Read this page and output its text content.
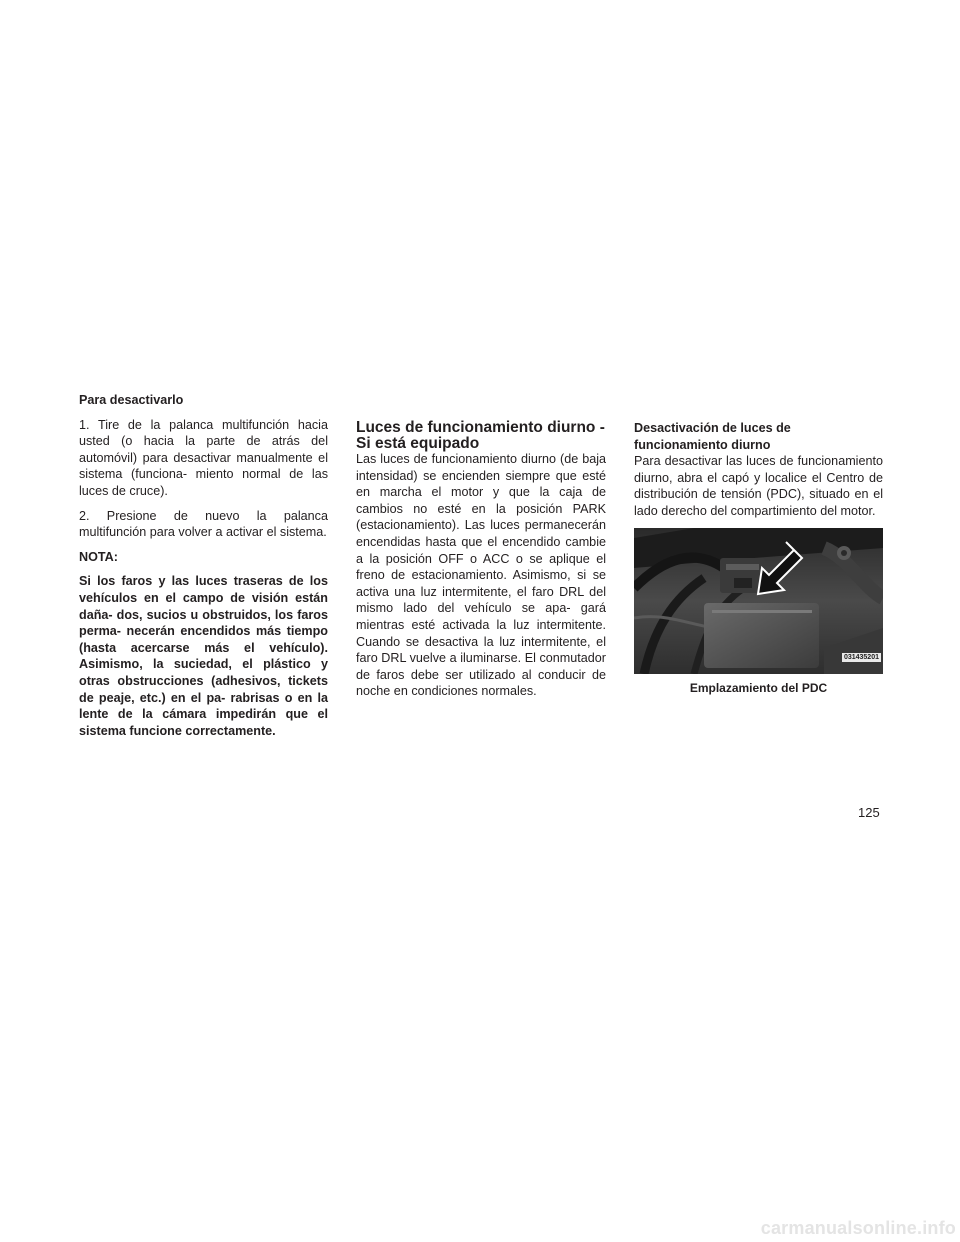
Para desactivarlo

1. Tire de la palanca multifunción hacia usted (o hacia la parte de atrás del automóvil) para desactivar manualmente el sistema (funciona- miento normal de las luces de cruce).

2. Presione de nuevo la palanca multifunción para volver a activar el sistema.

NOTA:

Si los faros y las luces traseras de los vehículos en el campo de visión están daña- dos, sucios u obstruidos, los faros perma- necerán encendidos más tiempo (hasta acercarse más el vehículo). Asimismo, la suciedad, el plástico y otras obstrucciones (adhesivos, tickets de peaje, etc.) en el pa- rabrisas o en la lente de la cámara impedirán que el sistema funcione correctamente.

Luces de funcionamiento diurno - Si está equipado

Las luces de funcionamiento diurno (de baja intensidad) se encienden siempre que esté en marcha el motor y que la caja de cambios no esté en la posición PARK (estacionamiento). Las luces permanecerán encendidas hasta que el encendido cambie a la posición OFF o ACC o se aplique el freno de estacionamiento. Asimismo, si se activa una luz intermitente, el faro DRL del mismo lado del vehículo se apa- gará mientras esté activada la luz intermitente. Cuando se desactiva la luz intermitente, el faro DRL vuelve a iluminarse. El conmutador de faros debe ser utilizado al conducir de noche en condiciones normales.

Desactivación de luces de funcionamiento diurno

Para desactivar las luces de funcionamiento diurno, abra el capó y localice el Centro de distribución de tensión (PDC), situado en el lado derecho del compartimiento del motor.

031435201

Emplazamiento del PDC

125
carmanualsonline.info
